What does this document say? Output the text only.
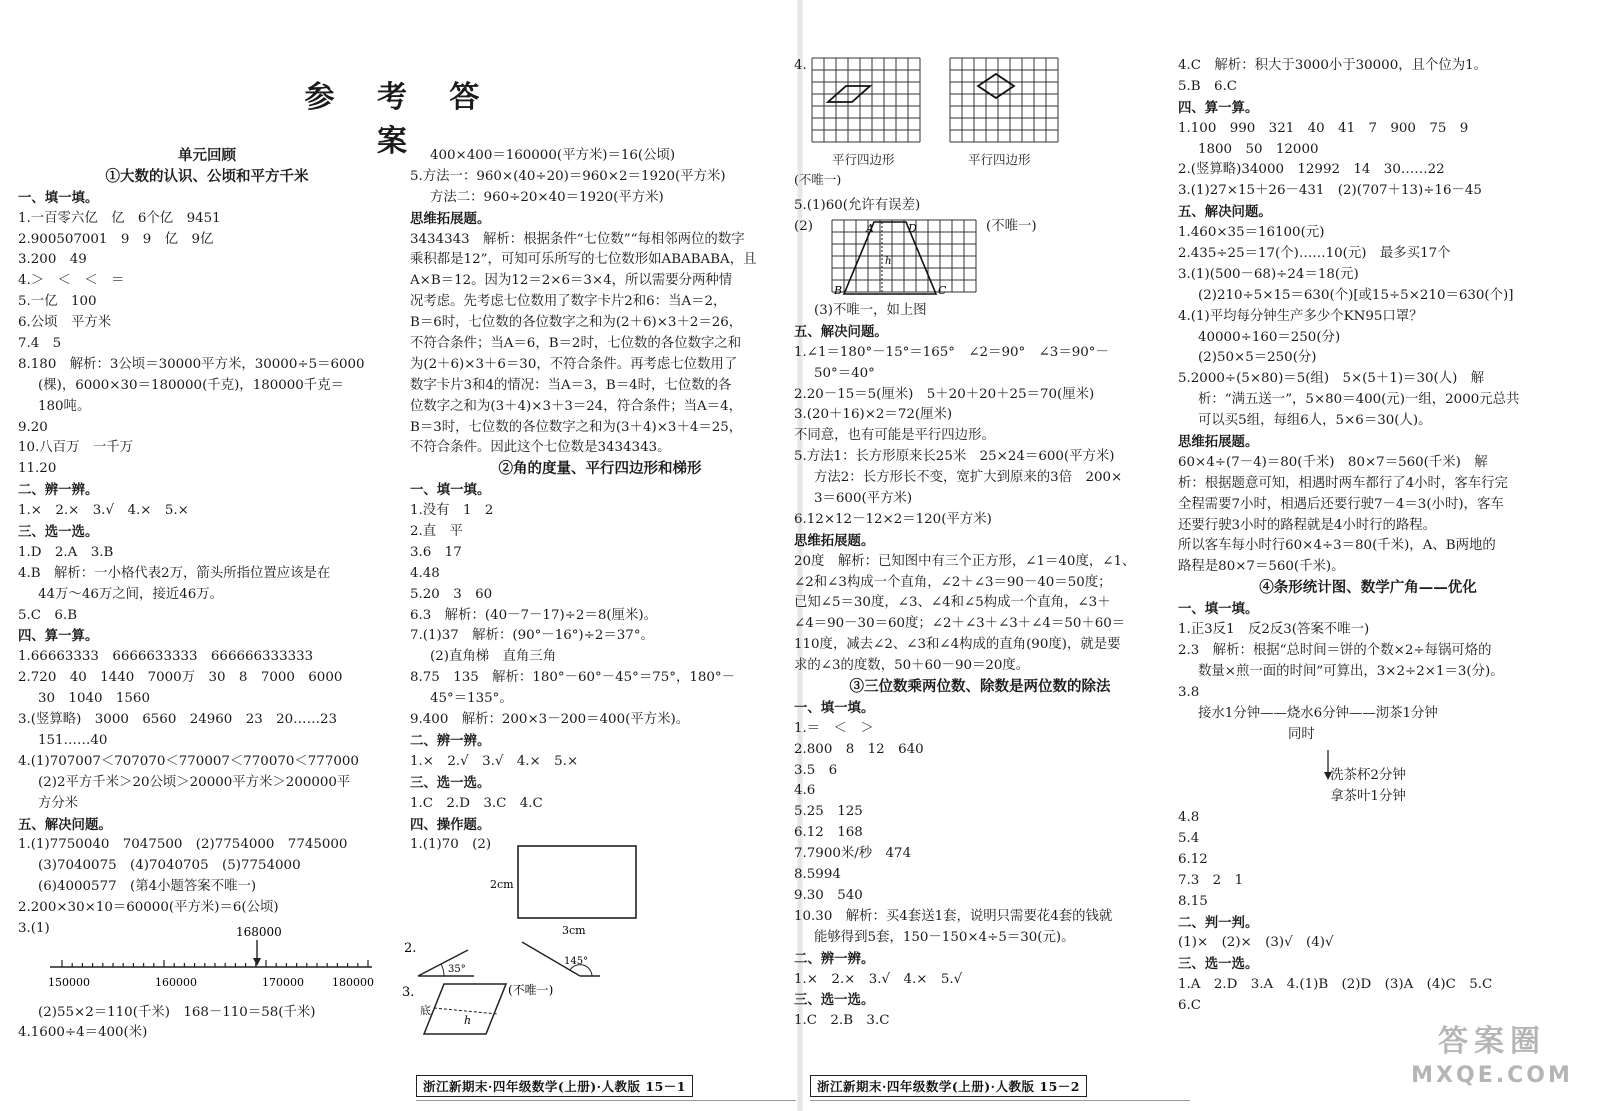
参 考 答 案
单元回顾
①大数的认识、公顷和平方千米
一、填一填。
1.一百零六亿　亿　6个亿　9451
2.900507001　9　9　亿　9亿
3.200　49
4.＞　＜　＜　＝
5.一亿　100
6.公顷　平方米
7.4　5
8.180　解析：3公顷＝30000平方米，30000÷5＝6000
(棵)，6000×30＝180000(千克)，180000千克＝
180吨。
9.20
10.八百万　一千万
11.20
二、辨一辨。
1.×　2.×　3.√　4.×　5.×
三、选一选。
1.D　2.A　3.B
4.B　解析：一小格代表2万，箭头所指位置应该是在
44万～46万之间，接近46万。
5.C　6.B
四、算一算。
1.66663333　6666633333　666666333333
2.720　40　1440　7000万　30　8　7000　6000
30　1040　1560
3.(竖算略)　3000　6560　24960　23　20……23
151……40
4.(1)707007＜707070＜770007＜770070＜777000
(2)2平方千米＞20公顷＞20000平方米＞200000平
方分米
五、解决问题。
1.(1)7750040　7047500　(2)7754000　7745000
(3)7040075　(4)7040705　(5)7754000
(6)4000577　(第4小题答案不唯一)
2.200×30×10＝60000(平方米)＝6(公顷)
3.(1)
(2)55×2＝110(千米)　168－110＝58(千米)
4.1600÷4＝400(米)
400×400＝160000(平方米)＝16(公顷)
5.方法一：960×(40÷20)＝960×2＝1920(平方米)
方法二：960÷20×40＝1920(平方米)
思维拓展题。
3434343　解析：根据条件“七位数”“每相邻两位的数字
乘积都是12”，可知可乐所写的七位数形如ABABABA，且
A×B＝12。因为12＝2×6＝3×4，所以需要分两种情
况考虑。先考虑七位数用了数字卡片2和6：当A＝2，
B＝6时，七位数的各位数字之和为(2＋6)×3＋2＝26，
不符合条件；当A＝6，B＝2时，七位数的各位数字之和
为(2＋6)×3＋6＝30，不符合条件。再考虑七位数用了
数字卡片3和4的情况：当A＝3，B＝4时，七位数的各
位数字之和为(3＋4)×3＋3＝24，符合条件；当A＝4，
B＝3时，七位数的各位数字之和为(3＋4)×3＋4＝25，
不符合条件。因此这个七位数是3434343。
②角的度量、平行四边形和梯形
一、填一填。
1.没有　1　2
2.直　平
3.6　17
4.48
5.20　3　60
6.3　解析：(40－7－17)÷2＝8(厘米)。
7.(1)37　解析：(90°－16°)÷2＝37°。
(2)直角梯　直角三角
8.75　135　解析：180°－60°－45°＝75°，180°－
45°＝135°。
9.400　解析：200×3－200＝400(平方米)。
二、辨一辨。
1.×　2.√　3.√　4.×　5.×
三、选一选。
1.C　2.D　3.C　4.C
四、操作题。
1.(1)70　(2)
168000
150000	160000	170000	180000
2cm
3cm
2.
35°
145°
3.
底
h
(不唯一)
浙江新期末·四年级数学(上册)·人教版 15－1
4.
平行四边形
(不唯一)
平行四边形
5.(1)60(允许有误差)
(2)	A	D
h
B	C
(不唯一)
(3)不唯一，如上图
五、解决问题。
1.∠1＝180°－15°＝165°　∠2＝90°　∠3＝90°－
50°＝40°
2.20－15＝5(厘米)　5＋20＋20＋25＝70(厘米)
3.(20＋16)×2＝72(厘米)
不同意，也有可能是平行四边形。
5.方法1：长方形原来长25米　25×24＝600(平方米)
方法2：长方形长不变，宽扩大到原来的3倍　200×
3＝600(平方米)
6.12×12－12×2＝120(平方米)
思维拓展题。
20度　解析：已知图中有三个正方形，∠1＝40度，∠1、
∠2和∠3构成一个直角，∠2＋∠3＝90－40＝50度；
已知∠5＝30度，∠3、∠4和∠5构成一个直角，∠3＋
∠4＝90－30＝60度；∠2＋∠3＋∠3＋∠4＝50＋60＝
110度，减去∠2、∠3和∠4构成的直角(90度)，就是要
求的∠3的度数，50＋60－90＝20度。
③三位数乘两位数、除数是两位数的除法
一、填一填。
1.＝　＜　＞
2.800　8　12　640
3.5　6
4.6
5.25　125
6.12　168
7.7900米/秒　474
8.5994
9.30　540
10.30　解析：买4套送1套，说明只需要花4套的钱就
能够得到5套，150－150×4÷5＝30(元)。
二、辨一辨。
1.×　2.×　3.√　4.×　5.√
三、选一选。
1.C　2.B　3.C
4.C　解析：积大于3000小于30000，且个位为1。
5.B　6.C
四、算一算。
1.100　990　321　40　41　7　900　75　9
1800　50　12000
2.(竖算略)34000　12992　14　30……22
3.(1)27×15＋26－431　(2)(707＋13)÷16－45
五、解决问题。
1.460×35＝16100(元)
2.435÷25＝17(个)……10(元)　最多买17个
3.(1)(500－68)÷24＝18(元)
(2)210÷5×15＝630(个)[或15÷5×210＝630(个)]
4.(1)平均每分钟生产多少个KN95口罩？
40000÷160＝250(分)
(2)50×5＝250(分)
5.2000÷(5×80)＝5(组)　5×(5＋1)＝30(人)　解
析：“满五送一”，5×80＝400(元)一组，2000元总共
可以买5组，每组6人，5×6＝30(人)。
思维拓展题。
60×4÷(7－4)＝80(千米)　80×7＝560(千米)　解
析：根据题意可知，相遇时两车都行了4小时，客车行完
全程需要7小时，相遇后还要行驶7－4＝3(小时)，客车
还要行驶3小时的路程就是4小时行的路程。
所以客车每小时行60×4÷3＝80(千米)，A、B两地的
路程是80×7＝560(千米)。
④条形统计图、数学广角——优化
一、填一填。
1.正3反1　反2反3(答案不唯一)
2.3　解析：根据“总时间＝饼的个数×2÷每锅可烙的
数量×煎一面的时间”可算出，3×2÷2×1＝3(分)。
3.8
接水1分钟——烧水6分钟——沏茶1分钟
同时
洗茶杯2分钟
拿茶叶1分钟
4.8
5.4
6.12
7.3　2　1
8.15
二、判一判。
(1)×　(2)×　(3)√　(4)√
三、选一选。
1.A　2.D　3.A　4.(1)B　(2)D　(3)A　(4)C　5.C
6.C
浙江新期末·四年级数学(上册)·人教版 15－2
答案圈
MXQE.COM
